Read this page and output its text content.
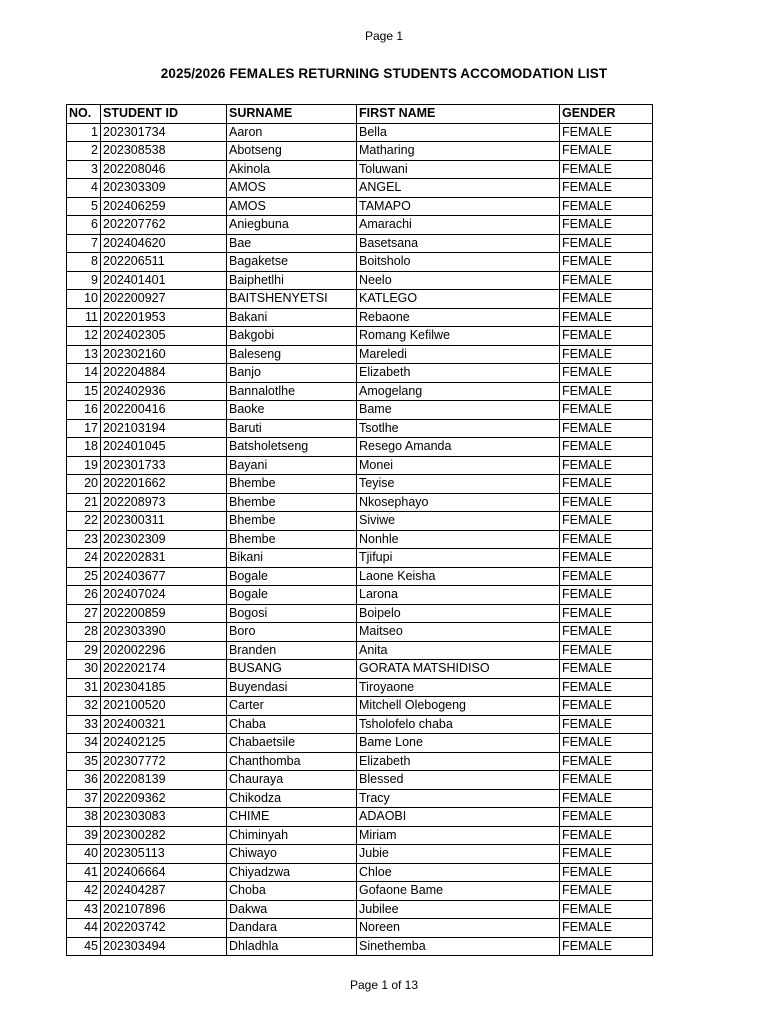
Page 1
2025/2026 FEMALES RETURNING STUDENTS ACCOMODATION LIST
NO.	STUDENT ID	SURNAME	FIRST NAME	GENDER
1	202301734	Aaron	Bella	FEMALE
2	202308538	Abotseng	Matharing	FEMALE
3	202208046	Akinola	Toluwani	FEMALE
4	202303309	AMOS	ANGEL	FEMALE
5	202406259	AMOS	TAMAPO	FEMALE
6	202207762	Aniegbuna	Amarachi	FEMALE
7	202404620	Bae	Basetsana	FEMALE
8	202206511	Bagaketse	Boitsholo	FEMALE
9	202401401	Baiphetlhi	Neelo	FEMALE
10	202200927	BAITSHENYETSI	KATLEGO	FEMALE
11	202201953	Bakani	Rebaone	FEMALE
12	202402305	Bakgobi	Romang Kefilwe	FEMALE
13	202302160	Baleseng	Mareledi	FEMALE
14	202204884	Banjo	Elizabeth	FEMALE
15	202402936	Bannalotlhe	Amogelang	FEMALE
16	202200416	Baoke	Bame	FEMALE
17	202103194	Baruti	Tsotlhe	FEMALE
18	202401045	Batsholetseng	Resego Amanda	FEMALE
19	202301733	Bayani	Monei	FEMALE
20	202201662	Bhembe	Teyise	FEMALE
21	202208973	Bhembe	Nkosephayo	FEMALE
22	202300311	Bhembe	Siviwe	FEMALE
23	202302309	Bhembe	Nonhle	FEMALE
24	202202831	Bikani	Tjifupi	FEMALE
25	202403677	Bogale	Laone Keisha	FEMALE
26	202407024	Bogale	Larona	FEMALE
27	202200859	Bogosi	Boipelo	FEMALE
28	202303390	Boro	Maitseo	FEMALE
29	202002296	Branden	Anita	FEMALE
30	202202174	BUSANG	GORATA MATSHIDISO	FEMALE
31	202304185	Buyendasi	Tiroyaone	FEMALE
32	202100520	Carter	Mitchell Olebogeng	FEMALE
33	202400321	Chaba	Tsholofelo chaba	FEMALE
34	202402125	Chabaetsile	Bame Lone	FEMALE
35	202307772	Chanthomba	Elizabeth	FEMALE
36	202208139	Chauraya	Blessed	FEMALE
37	202209362	Chikodza	Tracy	FEMALE
38	202303083	CHIME	ADAOBI	FEMALE
39	202300282	Chiminyah	Miriam	FEMALE
40	202305113	Chiwayo	Jubie	FEMALE
41	202406664	Chiyadzwa	Chloe	FEMALE
42	202404287	Choba	Gofaone Bame	FEMALE
43	202107896	Dakwa	Jubilee	FEMALE
44	202203742	Dandara	Noreen	FEMALE
45	202303494	Dhladhla	Sinethemba	FEMALE
Page 1 of 13
